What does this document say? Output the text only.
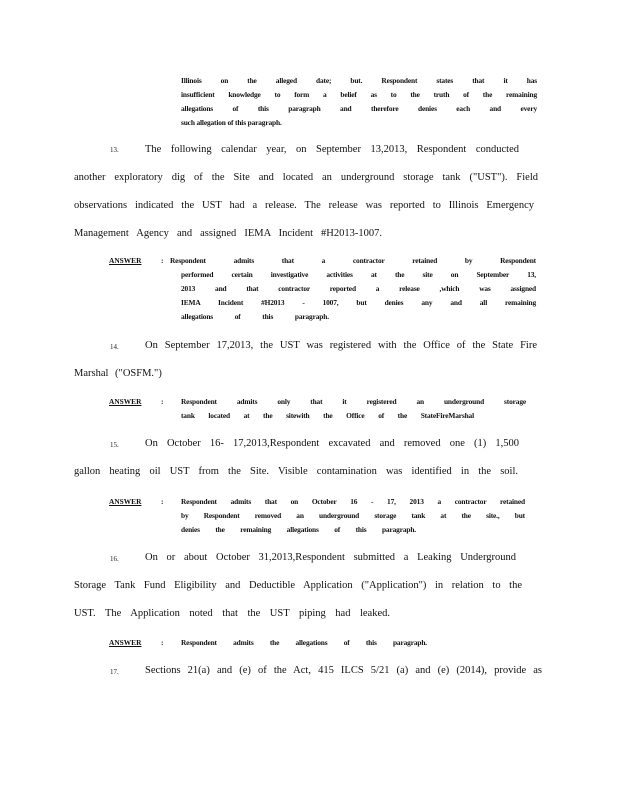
Illinois on the alleged date; but. Respondent states that it has
insufficient knowledge to form a belief as to the truth of the remaining
allegations of this paragraph and therefore denies each and every
such allegation of this paragraph.
13.	The following calendar year, on September 13,2013, Respondent conducted
another exploratory dig of the Site and located an underground storage tank ("UST"). Field
observations indicated the UST had a release. The release was reported to Illinois Emergency
Management Agency and assigned IEMA Incident #H2013-1007.
ANSWER	: Respondent admits that a contractor retained by Respondent
performed certain investigative activities at the site on September 13,
2013 and that contractor reported a release ,which was assigned
IEMA Incident #H2013 - 1007, but denies any and all remaining
allegations of this paragraph.
14.	On September 17,2013, the UST was registered with the Office of the State Fire
Marshal ("OSFM.")
ANSWER	: Respondent admits only that it registered an underground storage
tank located at the sitewith the Office of the StateFireMarshal
15.	On October 16- 17,2013,Respondent excavated and removed one (1) 1,500
gallon heating oil UST from the Site. Visible contamination was identified in the soil.
ANSWER	: Respondent admits that on October 16 - 17, 2013 a contractor retained
by Respondent removed an underground storage tank at the site., but
denies the remaining allegations of this paragraph.
16.	On or about October 31,2013,Respondent submitted a Leaking Underground
Storage Tank Fund Eligibility and Deductible Application ("Application") in relation to the
UST. The Application noted that the UST piping had leaked.
ANSWER	: Respondent admits the allegations of this paragraph.
17.	Sections 21(a) and (e) of the Act, 415 ILCS 5/21 (a) and (e) (2014), provide as
